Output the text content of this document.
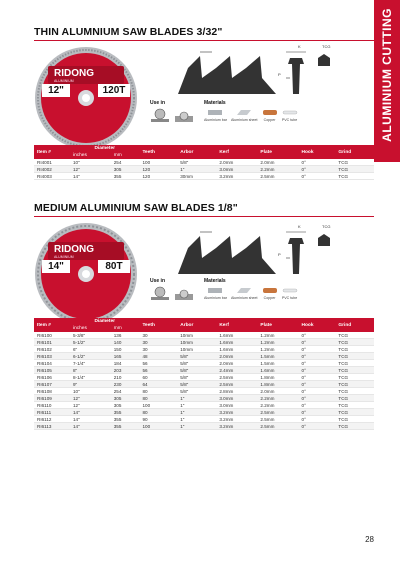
ALUMINIUM CUTTING
THIN ALUMNIUM SAW BLADES 3/32"
RIDONG
ALUMINIUM
12"	120T
K
P
TCG
Use in	Materials
Aluminium bar Aluminium sheet Copper PVC tube
Item #	Diameter		Teeth	Arbor	Kerf	Plate	Hook	Grind
	inches	mm						
RI4001	10"	254	100	5/8"	2.0mm	2.0mm	0°	TCG
RI4002	12"	305	120	1"	3.0mm	2.2mm	0°	TCG
RI4003	14"	355	120	30mm	3.2mm	2.5mm	0°	TCG
MEDIUM ALUMINIUM SAW BLADES 1/8"
RIDONG
ALUMINIUM
14"	80T
K
P
TCG
Use in	Materials
Aluminium bar Aluminium sheet Copper PVC tube
Item #	Diameter		Teeth	Arbor	Kerf	Plate	Hook	Grind
	inches	mm						
RI6100	5-3/8"	136	30	10mm	1.6mm	1.2mm	0°	TCG
RI6101	5-1/2"	140	30	10mm	1.6mm	1.2mm	0°	TCG
RI6102	6"	150	30	10mm	1.6mm	1.2mm	0°	TCG
RI6103	6-1/2"	165	48	5/8"	2.0mm	1.5mm	0°	TCG
RI6104	7-1/4"	184	56	5/8"	2.0mm	1.5mm	0°	TCG
RI6105	8"	203	56	5/8"	2.4mm	1.6mm	0°	TCG
RI6106	8-1/4"	210	60	5/8"	2.5mm	1.8mm	0°	TCG
RI6107	9"	230	64	5/8"	2.5mm	1.8mm	0°	TCG
RI6108	10"	254	80	5/8"	2.8mm	2.0mm	0°	TCG
RI6109	12"	305	80	1"	3.0mm	2.2mm	0°	TCG
RI6110	12"	305	100	1"	3.0mm	2.2mm	0°	TCG
RI6111	14"	355	80	1"	3.2mm	2.5mm	0°	TCG
RI6112	14"	355	90	1"	3.2mm	2.5mm	0°	TCG
RI6113	14"	355	100	1"	3.2mm	2.5mm	0°	TCG
28
